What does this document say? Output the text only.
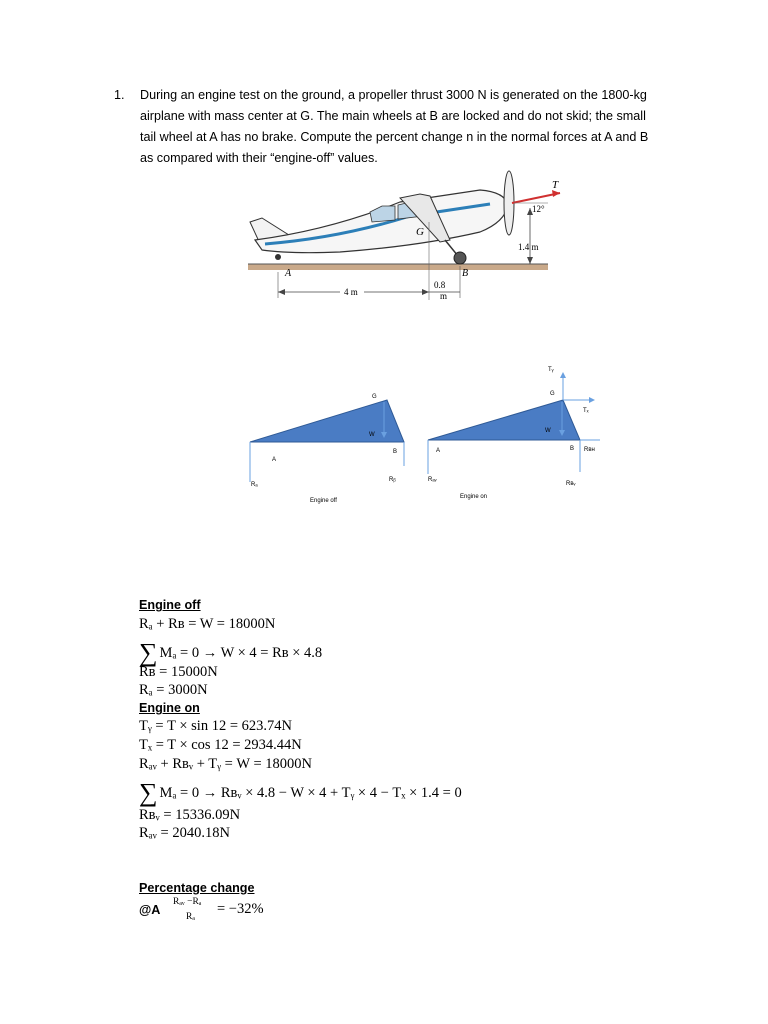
1. During an engine test on the ground, a propeller thrust 3000 N is generated on the 1800-kg
airplane with mass center at G. The main wheels at B are locked and do not skid; the small
tail wheel at A has no brake. Compute the percent change n in the normal forces at A and B
as compared with their “engine-off” values.
T
12°
G
1.4 m
A	B
4 m
0.8
m
G
W
B
A
Rₐ
Rᵦ
Engine off
Tᵧ
G
Tₓ
W
B Rʙʜ
A
Rₐᵥ
Rʙᵥ
Engine on
Engine off
Rₐ + Rʙ = W = 18000N
∑ Mₐ = 0 → W × 4 = Rʙ × 4.8
Rʙ = 15000N
Rₐ = 3000N
Engine on
Tᵧ = T × sin 12 = 623.74N
Tₓ = T × cos 12 = 2934.44N
Rₐᵥ + Rʙᵥ + Tᵧ = W = 18000N
∑ Mₐ = 0 → Rʙᵥ × 4.8 − W × 4 + Tᵧ × 4 − Tₓ × 1.4 = 0
Rʙᵥ = 15336.09N
Rₐᵥ = 2040.18N
Percentage change
@A
Rₐᵥ −Rₐ
Rₐ = −32%
